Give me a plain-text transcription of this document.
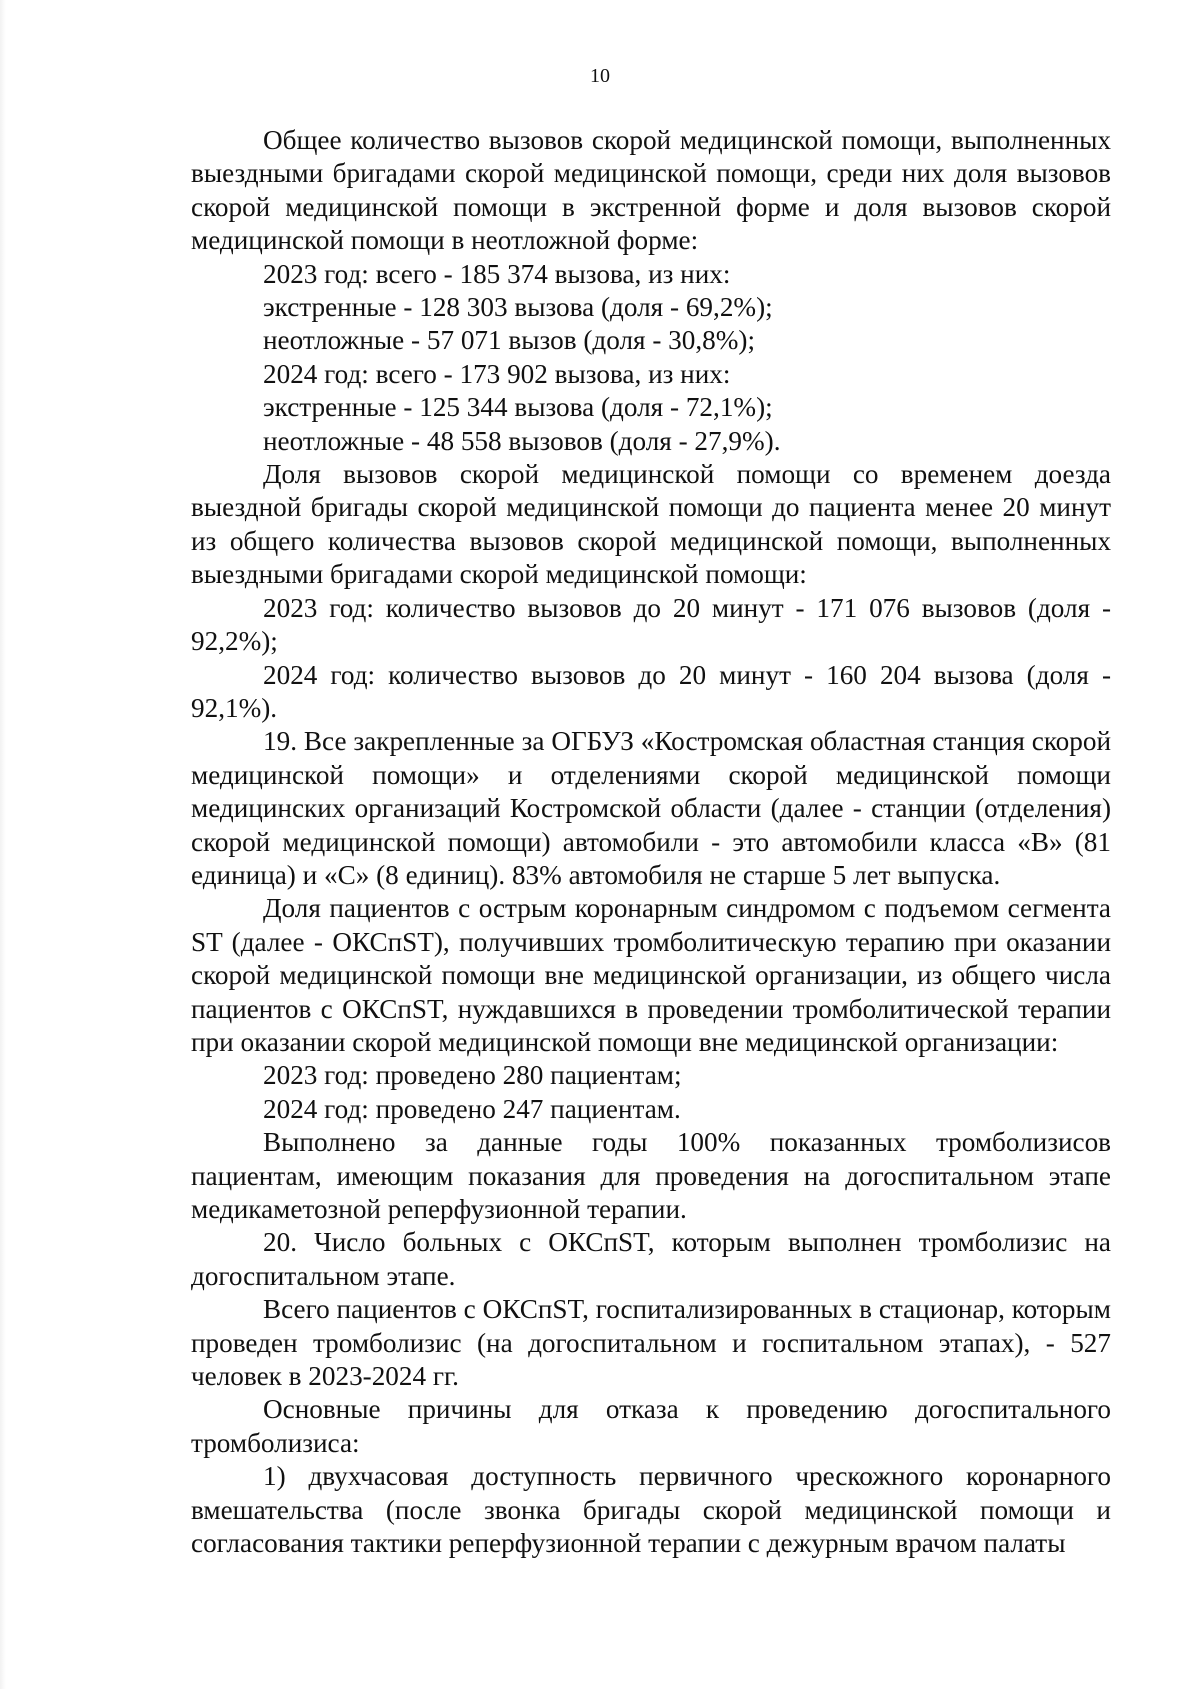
10

Общее количество вызовов скорой медицинской помощи, выполненных выездными бригадами скорой медицинской помощи, среди них доля вызовов скорой медицинской помощи в экстренной форме и доля вызовов скорой медицинской помощи в неотложной форме:

2023 год: всего - 185 374 вызова, из них:

экстренные - 128 303 вызова (доля - 69,2%);

неотложные - 57 071 вызов (доля - 30,8%);

2024 год: всего - 173 902 вызова, из них:

экстренные - 125 344 вызова (доля - 72,1%);

неотложные - 48 558 вызовов (доля - 27,9%).

Доля вызовов скорой медицинской помощи со временем доезда выездной бригады скорой медицинской помощи до пациента менее 20 минут из общего количества вызовов скорой медицинской помощи, выполненных выездными бригадами скорой медицинской помощи:

2023 год: количество вызовов до 20 минут - 171 076 вызовов (доля - 92,2%);

2024 год: количество вызовов до 20 минут - 160 204 вызова (доля - 92,1%).

19. Все закрепленные за ОГБУЗ «Костромская областная станция скорой медицинской помощи» и отделениями скорой медицинской помощи медицинских организаций Костромской области (далее - станции (отделения) скорой медицинской помощи) автомобили - это автомобили класса «В» (81 единица) и «С» (8 единиц). 83% автомобиля не старше 5 лет выпуска.

Доля пациентов с острым коронарным синдромом с подъемом сегмента ST (далее - ОКСпST), получивших тромболитическую терапию при оказании скорой медицинской помощи вне медицинской организации, из общего числа пациентов с ОКСпST, нуждавшихся в проведении тромболитической терапии при оказании скорой медицинской помощи вне медицинской организации:

2023 год: проведено 280 пациентам;

2024 год: проведено 247 пациентам.

Выполнено за данные годы 100% показанных тромболизисов пациентам, имеющим показания для проведения на догоспитальном этапе медикаметозной реперфузионной терапии.

20. Число больных с ОКСпST, которым выполнен тромболизис на догоспитальном этапе.

Всего пациентов с ОКСпST, госпитализированных в стационар, которым проведен тромболизис (на догоспитальном и госпитальном этапах), - 527 человек в 2023-2024 гг.

Основные причины для отказа к проведению догоспитального тромболизиса:

1) двухчасовая доступность первичного чрескожного коронарного вмешательства (после звонка бригады скорой медицинской помощи и согласования тактики реперфузионной терапии с дежурным врачом палаты
